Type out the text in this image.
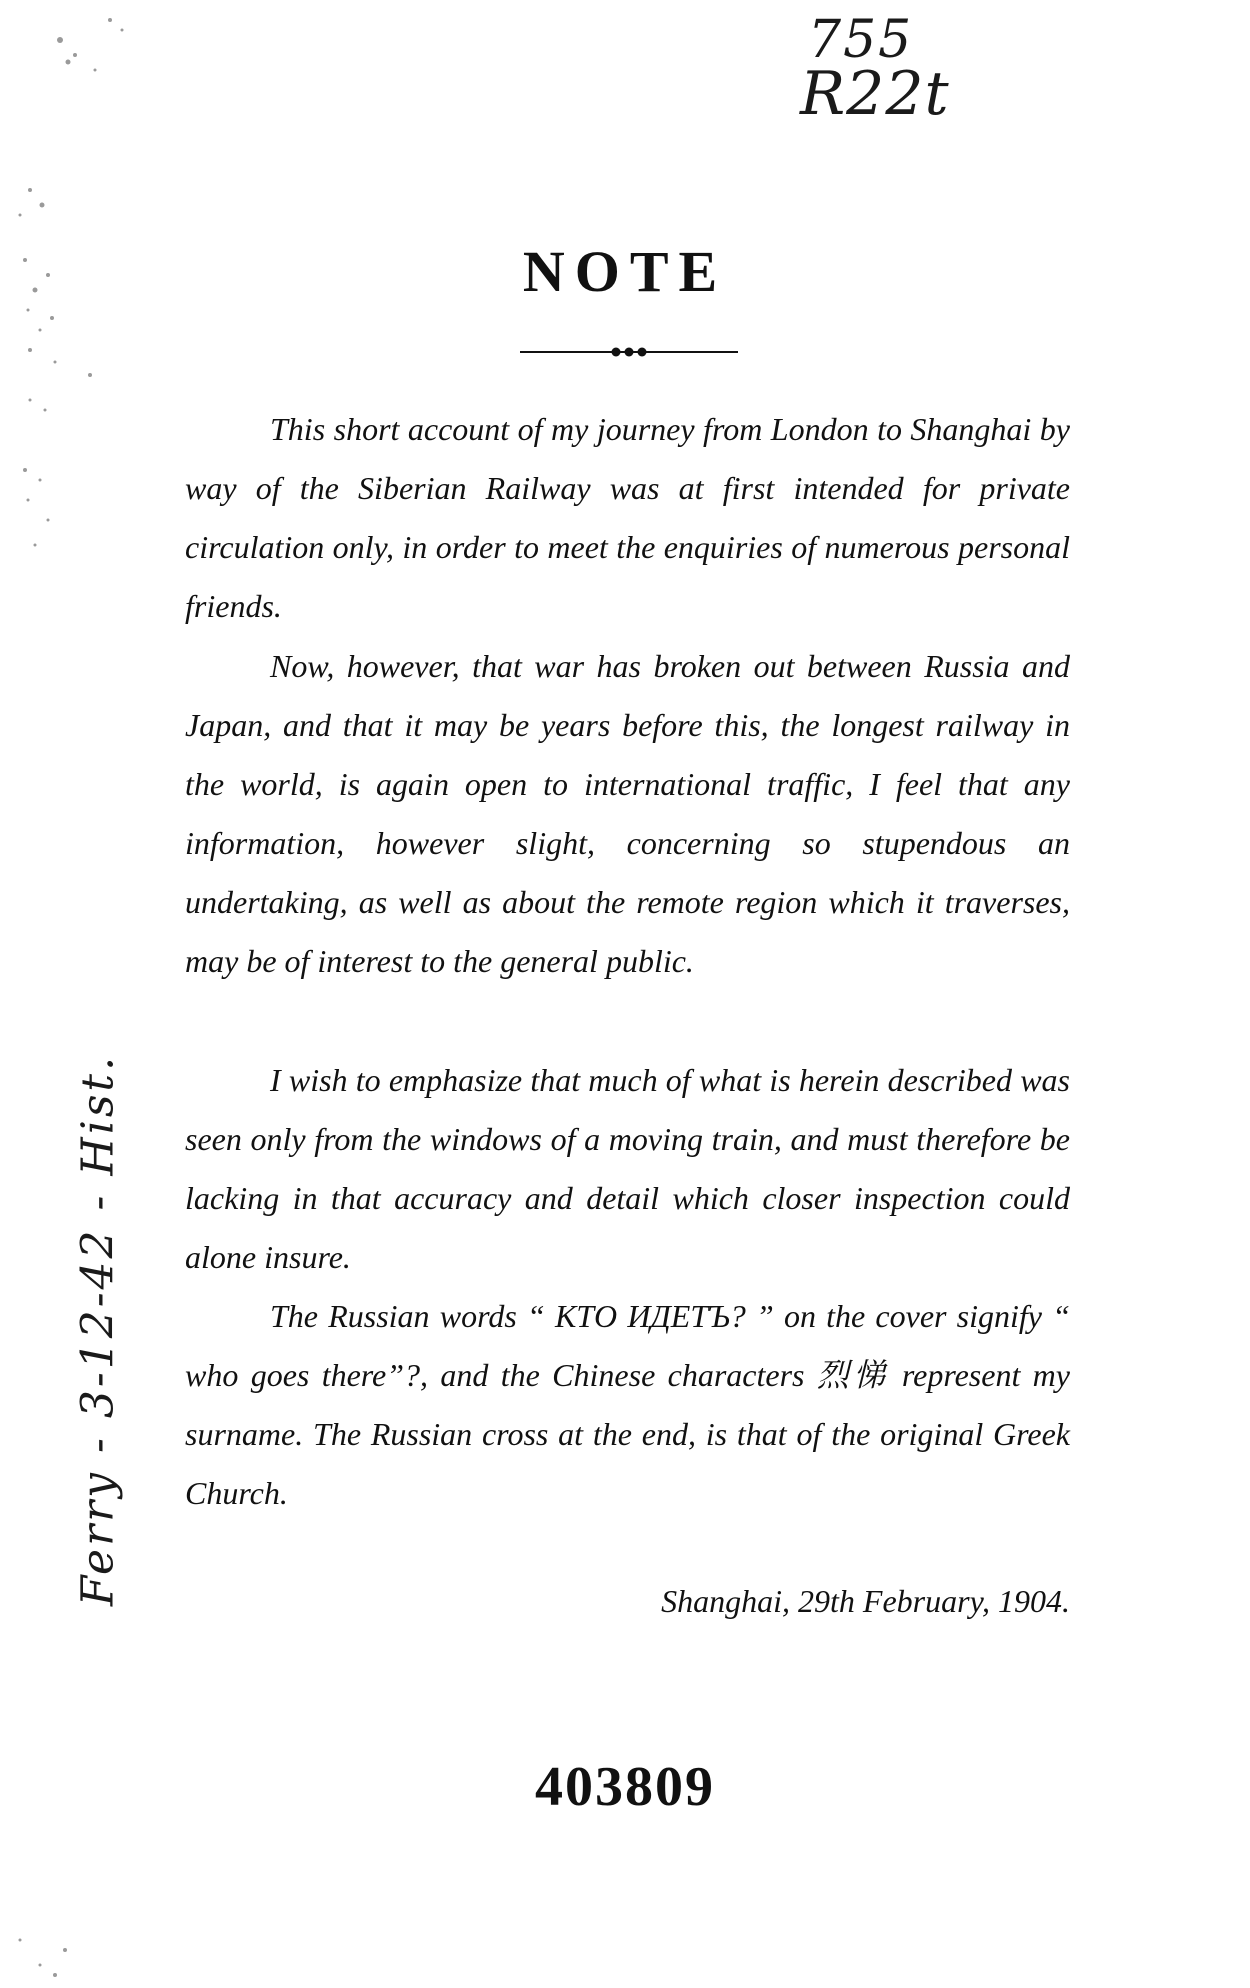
755
R22t
NOTE

This short account of my journey from London to Shanghai by way of the Siberian Railway was at first intended for private circulation only, in order to meet the enquiries of numerous personal friends.

Now, however, that war has broken out between Russia and Japan, and that it may be years before this, the longest railway in the world, is again open to international traffic, I feel that any information, however slight, concerning so stupendous an undertaking, as well as about the remote region which it traverses, may be of interest to the general public.

I wish to emphasize that much of what is herein described was seen only from the windows of a moving train, and must therefore be lacking in that accuracy and detail which closer inspection could alone insure.

The Russian words “ КТО ИДЕТЪ? ” on the cover signify “ who goes there”?, and the Chinese characters 烈悌 represent my surname. The Russian cross at the end, is that of the original Greek Church.

Shanghai, 29th February, 1904.
Ferry - 3-12-42 - Hist.
403809
